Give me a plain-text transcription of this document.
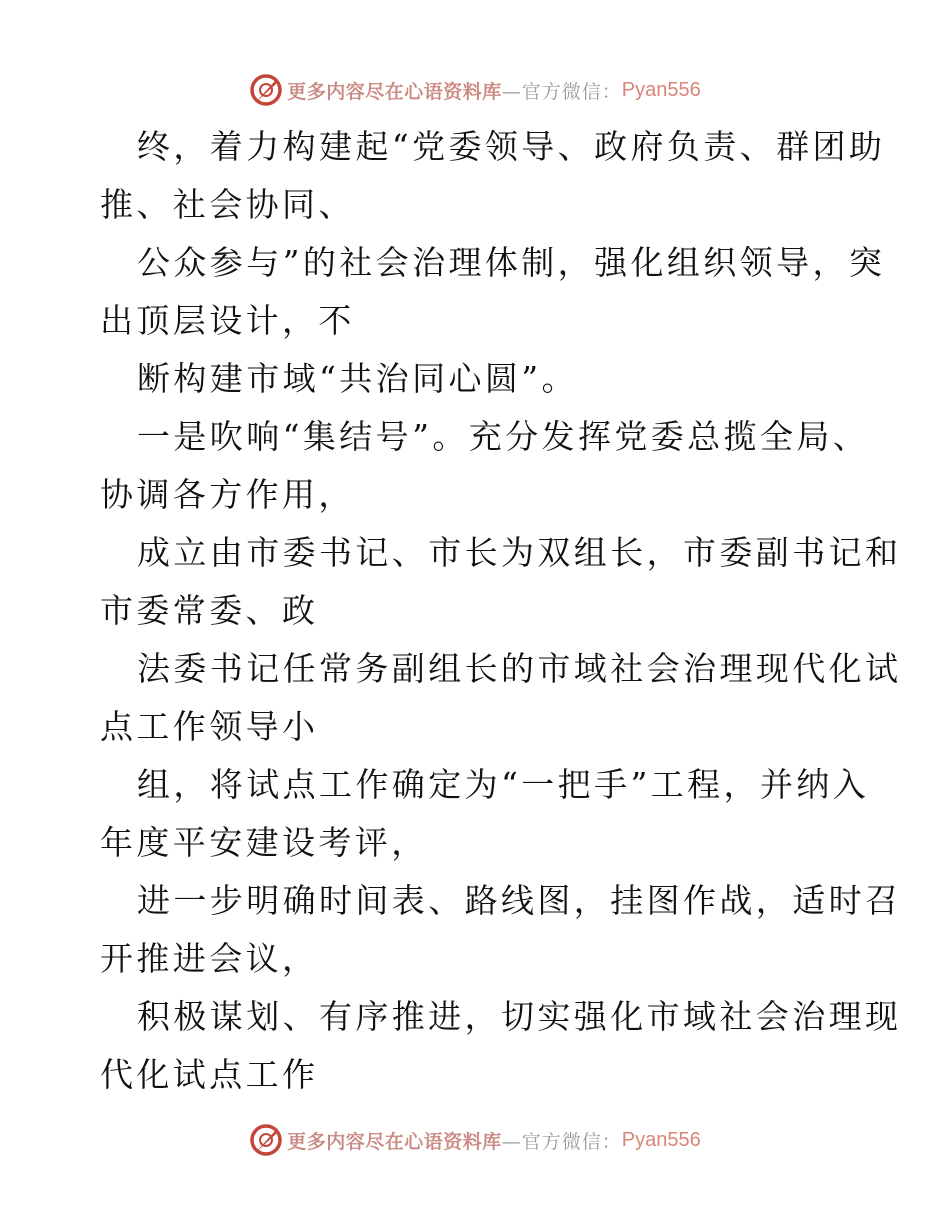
更多内容尽在心语资料库 —官方微信： Pyan556
终，着力构建起“党委领导、政府负责、群团助
推、社会协同、
公众参与”的社会治理体制，强化组织领导，突
出顶层设计，不
断构建市域“共治同心圆”。
一是吹响“集结号”。充分发挥党委总揽全局、
协调各方作用，
成立由市委书记、市长为双组长，市委副书记和
市委常委、政
法委书记任常务副组长的市域社会治理现代化试
点工作领导小
组，将试点工作确定为“一把手”工程，并纳入
年度平安建设考评，
进一步明确时间表、路线图，挂图作战，适时召
开推进会议，
积极谋划、有序推进，切实强化市域社会治理现
代化试点工作
更多内容尽在心语资料库 —官方微信： Pyan556
